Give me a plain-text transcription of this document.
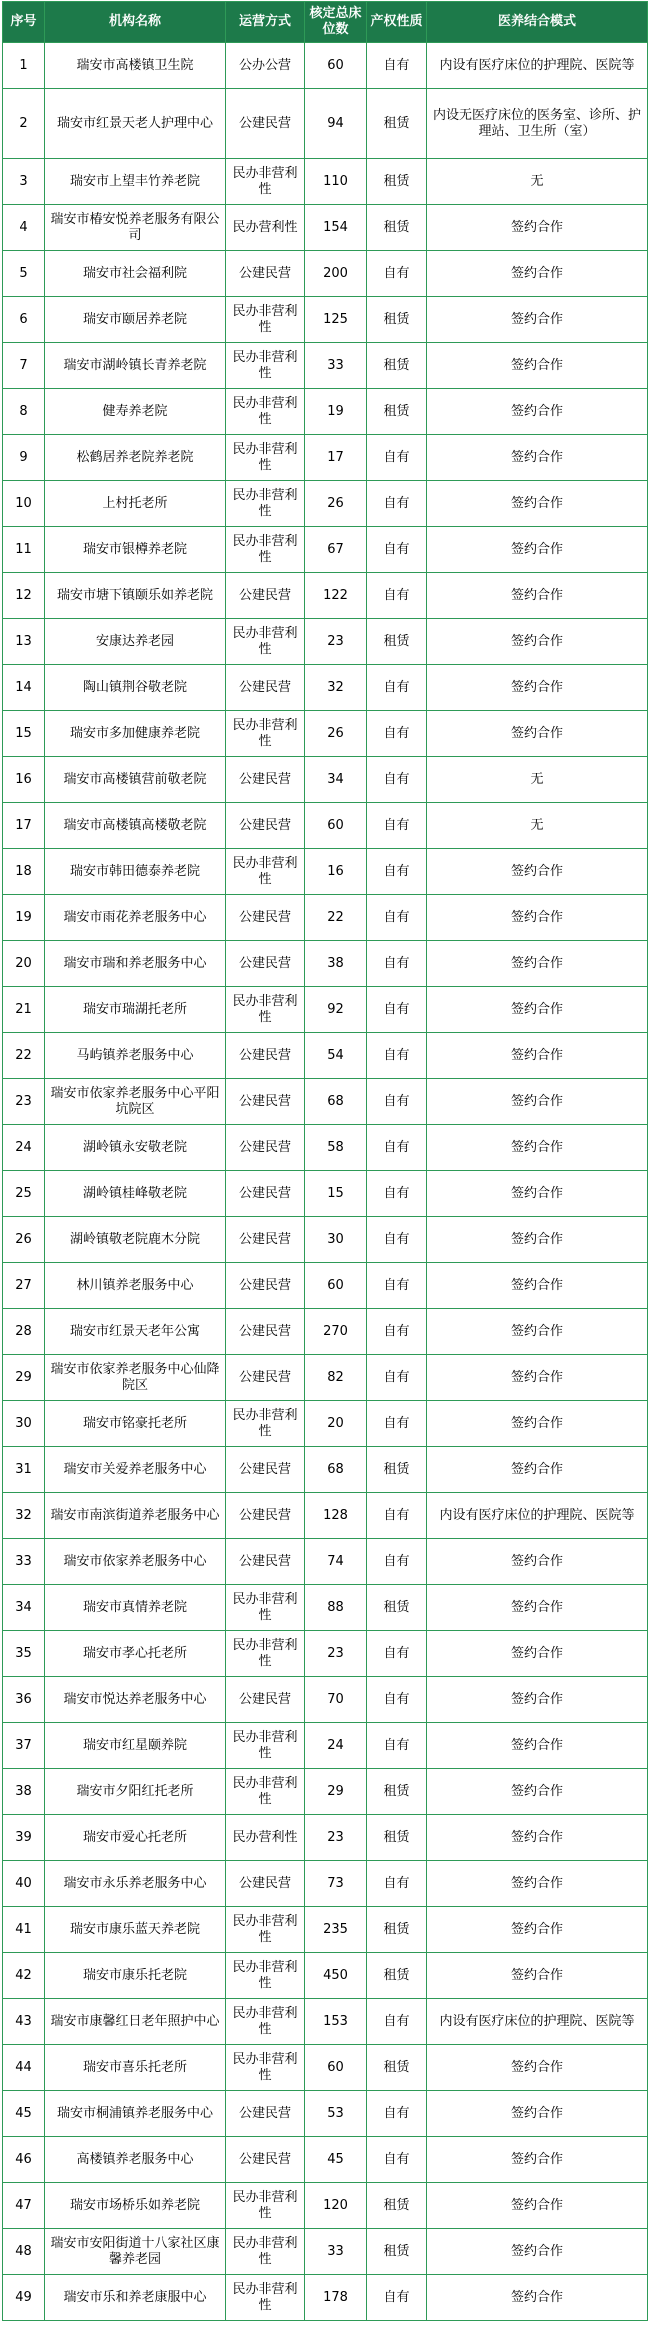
序号	机构名称	运营方式	核定总床位数	产权性质	医养结合模式
1	瑞安市高楼镇卫生院	公办公营	60	自有	内设有医疗床位的护理院、医院等
2	瑞安市红景天老人护理中心	公建民营	94	租赁	内设无医疗床位的医务室、诊所、护理站、卫生所（室）
3	瑞安市上望丰竹养老院	民办非营利性	110	租赁	无
4	瑞安市椿安悦养老服务有限公司	民办营利性	154	租赁	签约合作
5	瑞安市社会福利院	公建民营	200	自有	签约合作
6	瑞安市颐居养老院	民办非营利性	125	租赁	签约合作
7	瑞安市湖岭镇长青养老院	民办非营利性	33	租赁	签约合作
8	健寿养老院	民办非营利性	19	租赁	签约合作
9	松鹤居养老院养老院	民办非营利性	17	自有	签约合作
10	上村托老所	民办非营利性	26	自有	签约合作
11	瑞安市银樽养老院	民办非营利性	67	自有	签约合作
12	瑞安市塘下镇颐乐如养老院	公建民营	122	自有	签约合作
13	安康达养老园	民办非营利性	23	租赁	签约合作
14	陶山镇荆谷敬老院	公建民营	32	自有	签约合作
15	瑞安市多加健康养老院	民办非营利性	26	自有	签约合作
16	瑞安市高楼镇营前敬老院	公建民营	34	自有	无
17	瑞安市高楼镇高楼敬老院	公建民营	60	自有	无
18	瑞安市韩田德泰养老院	民办非营利性	16	自有	签约合作
19	瑞安市雨花养老服务中心	公建民营	22	自有	签约合作
20	瑞安市瑞和养老服务中心	公建民营	38	自有	签约合作
21	瑞安市瑞湖托老所	民办非营利性	92	自有	签约合作
22	马屿镇养老服务中心	公建民营	54	自有	签约合作
23	瑞安市依家养老服务中心平阳坑院区	公建民营	68	自有	签约合作
24	湖岭镇永安敬老院	公建民营	58	自有	签约合作
25	湖岭镇桂峰敬老院	公建民营	15	自有	签约合作
26	湖岭镇敬老院鹿木分院	公建民营	30	自有	签约合作
27	林川镇养老服务中心	公建民营	60	自有	签约合作
28	瑞安市红景天老年公寓	公建民营	270	自有	签约合作
29	瑞安市依家养老服务中心仙降院区	公建民营	82	自有	签约合作
30	瑞安市铭豪托老所	民办非营利性	20	自有	签约合作
31	瑞安市关爱养老服务中心	公建民营	68	租赁	签约合作
32	瑞安市南滨街道养老服务中心	公建民营	128	自有	内设有医疗床位的护理院、医院等
33	瑞安市依家养老服务中心	公建民营	74	自有	签约合作
34	瑞安市真情养老院	民办非营利性	88	租赁	签约合作
35	瑞安市孝心托老所	民办非营利性	23	自有	签约合作
36	瑞安市悦达养老服务中心	公建民营	70	自有	签约合作
37	瑞安市红星颐养院	民办非营利性	24	自有	签约合作
38	瑞安市夕阳红托老所	民办非营利性	29	租赁	签约合作
39	瑞安市爱心托老所	民办营利性	23	租赁	签约合作
40	瑞安市永乐养老服务中心	公建民营	73	自有	签约合作
41	瑞安市康乐蓝天养老院	民办非营利性	235	租赁	签约合作
42	瑞安市康乐托老院	民办非营利性	450	租赁	签约合作
43	瑞安市康馨红日老年照护中心	民办非营利性	153	自有	内设有医疗床位的护理院、医院等
44	瑞安市喜乐托老所	民办非营利性	60	租赁	签约合作
45	瑞安市桐浦镇养老服务中心	公建民营	53	自有	签约合作
46	高楼镇养老服务中心	公建民营	45	自有	签约合作
47	瑞安市场桥乐如养老院	民办非营利性	120	租赁	签约合作
48	瑞安市安阳街道十八家社区康馨养老园	民办非营利性	33	租赁	签约合作
49	瑞安市乐和养老康服中心	民办非营利性	178	自有	签约合作
